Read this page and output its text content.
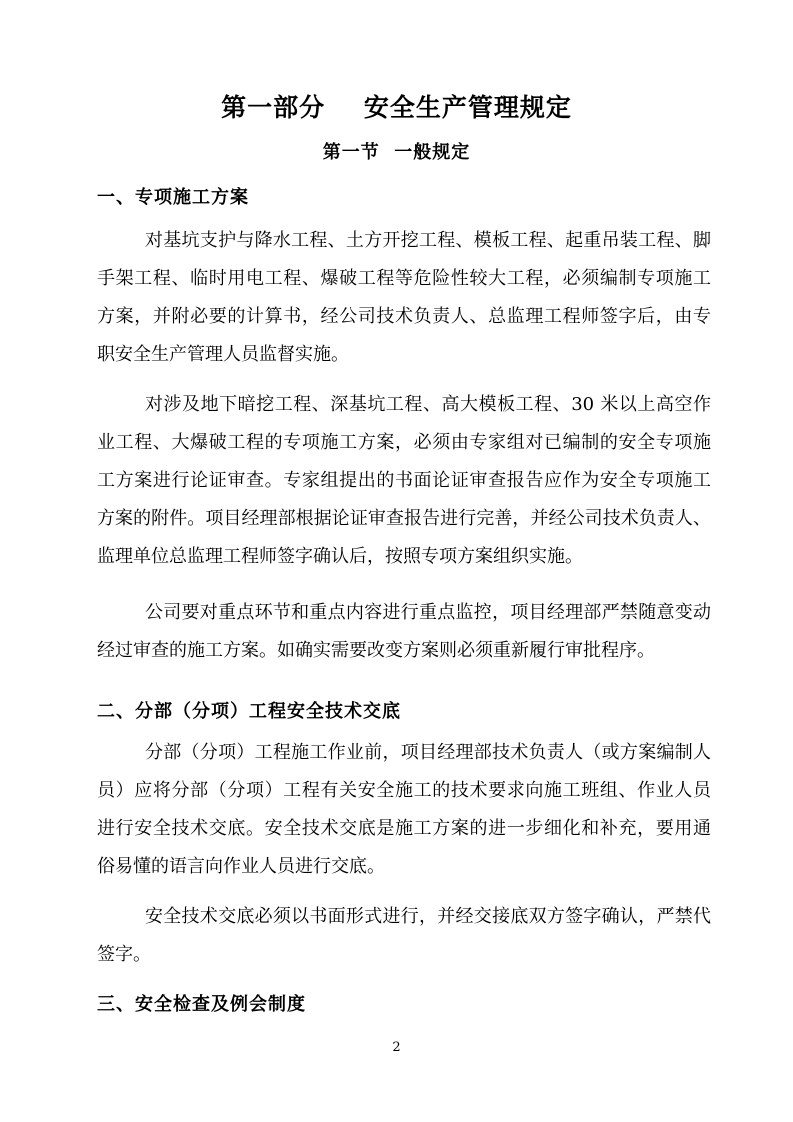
第一部分    安全生产管理规定
第一节  一般规定
一、专项施工方案

对基坑支护与降水工程、土方开挖工程、模板工程、起重吊装工程、脚
手架工程、临时用电工程、爆破工程等危险性较大工程，必须编制专项施工
方案，并附必要的计算书，经公司技术负责人、总监理工程师签字后，由专
职安全生产管理人员监督实施。

对涉及地下暗挖工程、深基坑工程、高大模板工程、30 米以上高空作
业工程、大爆破工程的专项施工方案，必须由专家组对已编制的安全专项施
工方案进行论证审查。专家组提出的书面论证审查报告应作为安全专项施工
方案的附件。项目经理部根据论证审查报告进行完善，并经公司技术负责人、
监理单位总监理工程师签字确认后，按照专项方案组织实施。

公司要对重点环节和重点内容进行重点监控，项目经理部严禁随意变动
经过审查的施工方案。如确实需要改变方案则必须重新履行审批程序。

二、分部（分项）工程安全技术交底

分部（分项）工程施工作业前，项目经理部技术负责人（或方案编制人
员）应将分部（分项）工程有关安全施工的技术要求向施工班组、作业人员
进行安全技术交底。安全技术交底是施工方案的进一步细化和补充，要用通
俗易懂的语言向作业人员进行交底。

安全技术交底必须以书面形式进行，并经交接底双方签字确认，严禁代
签字。

三、安全检查及例会制度
2
